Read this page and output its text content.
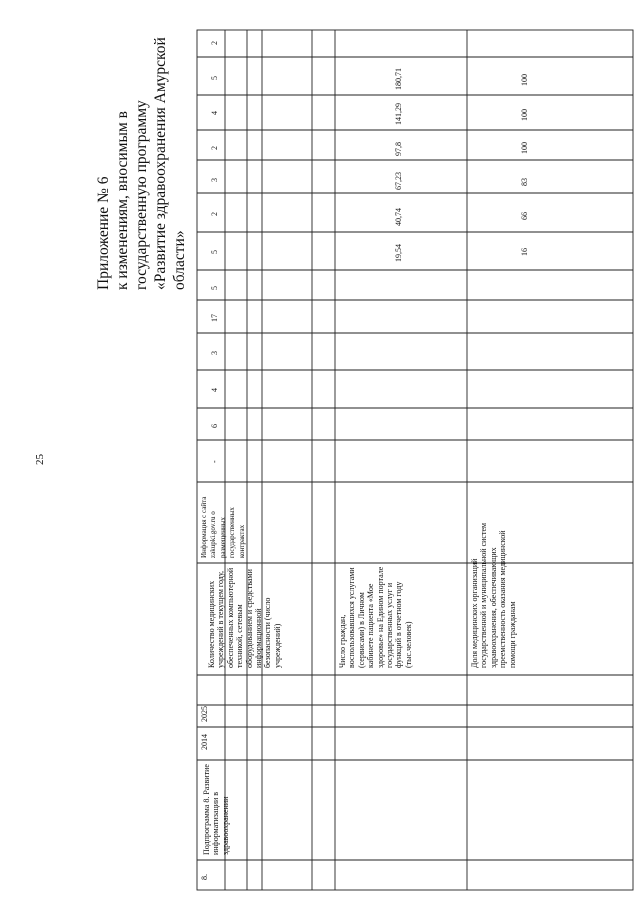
25
Приложение № 6 к изменениям, вносимым в государственную программу «Развитие здравоохранения Амурской области»
-
6
4
3
17
5
5
2
3
2
4
5
2
8.
Подпрограмма 8. Развитие информатизации в здравоохранении
2014
2025
Количество медицинских учреждений в текущем году, обеспеченных компьютерной техникой, сетевым оборудованием и средствами информационной безопасности (число учреждений)
Информация с сайта zakupki.gov.ru о размещенных государственных контрактах
Число граждан, воспользовавшихся услугами (сервисами) в Личном кабинете пациента «Мое здоровье» на Едином портале государственных услуг и функций в отчетном году (тыс.человек)
19,54
40,74
67,23
97,8
141,29
180,71
Доля медицинских организаций государственной и муниципальной систем здравоохранения, обеспечивающих преемственность оказания медицинской помощи гражданам
16
66
83
100
100
100
